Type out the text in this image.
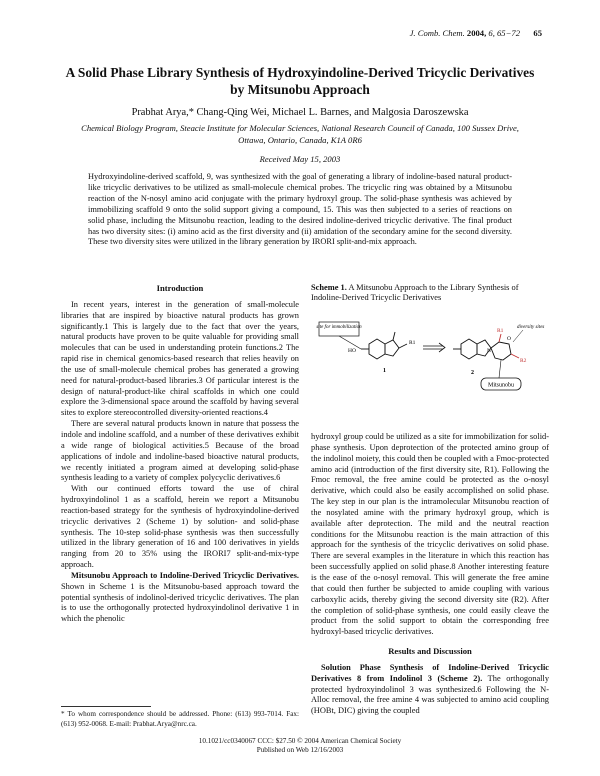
J. Comb. Chem. 2004, 6, 65−72 65
A Solid Phase Library Synthesis of Hydroxyindoline-Derived Tricyclic Derivatives by Mitsunobu Approach
Prabhat Arya,* Chang-Qing Wei, Michael L. Barnes, and Malgosia Daroszewska
Chemical Biology Program, Steacie Institute for Molecular Sciences, National Research Council of Canada, 100 Sussex Drive, Ottawa, Ontario, Canada, K1A 0R6
Received May 15, 2003
Hydroxyindoline-derived scaffold, 9, was synthesized with the goal of generating a library of indoline-based natural product-like tricyclic derivatives to be utilized as small-molecule chemical probes. The tricyclic ring was obtained by a Mitsunobu reaction of the N-nosyl amino acid conjugate with the primary hydroxyl group. The solid-phase synthesis was achieved by immobilizing scaffold 9 onto the solid support giving a compound, 15. This was then subjected to a series of reactions on solid phase, including the Mitsunobu reaction, leading to the desired indoline-derived tricyclic derivative. The final product has two diversity sites: (i) amino acid as the first diversity and (ii) amidation of the secondary amine for the second diversity. These two diversity sites were utilized in the library generation by IRORI split-and-mix approach.

Introduction

In recent years, interest in the generation of small-molecule libraries that are inspired by bioactive natural products has grown significantly.1 This is largely due to the fact that over the years, natural products have proven to be quite valuable for providing small molecules that can be used in understanding protein functions.2 The rapid rise in chemical genomics-based research that relies heavily on the use of small-molecule chemical probes has generated a growing need for natural-product-based libraries.3 Of particular interest is the design of natural-product-like chiral scaffolds in which one could explore the 3-dimensional space around the scaffold by having several sites to explore stereocontrolled diversity-oriented reactions.4

There are several natural products known in nature that possess the indole and indoline scaffold, and a number of these derivatives exhibit a wide range of biological activities.5 Because of the broad applications of indole and indoline-based bioactive natural products, we recently initiated a program aimed at developing solid-phase synthesis leading to a variety of complex polycyclic derivatives.6

With our continued efforts toward the use of chiral hydroxyindolinol 1 as a scaffold, herein we report a Mitsunobu reaction-based strategy for the synthesis of hydroxyindoline-derived tricyclic derivatives 2 (Scheme 1) by solution- and solid-phase synthesis. The 10-step solid-phase synthesis was then successfully utilized in the library generation of 16 and 100 derivatives in yields ranging from 20 to 35% using the IRORI7 split-and-mix-type approach.

Mitsunobu Approach to Indoline-Derived Tricyclic Derivatives. Shown in Scheme 1 is the Mitsunobu-based approach toward the potential synthesis of indolinol-derived tricyclic derivatives. The plan is to use the orthogonally protected hydroxyindolinol derivative 1 in which the phenolic

Scheme 1. A Mitsunobu Approach to the Library Synthesis of Indoline-Derived Tricyclic Derivatives
site for immobilization
HO
R1
1
N
O
R1
R2
diversity sites
2
Mitsunobu

hydroxyl group could be utilized as a site for immobilization for solid-phase synthesis. Upon deprotection of the protected amino group of the indolinol moiety, this could then be coupled with a Fmoc-protected amino acid (introduction of the first diversity site, R1). Following the Fmoc removal, the free amine could be protected as the o-nosyl derivative, which could also be easily accomplished on solid phase. The key step in our plan is the intramolecular Mitsunobu reaction of the nosylated amine with the primary hydroxyl group, which is available after deprotection. The mild and the neutral reaction conditions for the Mitsunobu reaction is the main attraction of this approach for the synthesis of the tricyclic derivatives on solid phase. There are several examples in the literature in which this reaction has been successfully applied on solid phase.8 Another interesting feature is the ease of the o-nosyl removal. This will generate the free amine that could then further be subjected to amide coupling with various carboxylic acids, thereby giving the second diversity site (R2). After the completion of solid-phase synthesis, one could easily cleave the product from the solid support to obtain the corresponding free hydroxyl-based tricyclic derivatives.

Results and Discussion

Solution Phase Synthesis of Indoline-Derived Tricyclic Derivatives 8 from Indolinol 3 (Scheme 2). The orthogonally protected hydroxyindolinol 3 was synthesized.6 Following the N-Alloc removal, the free amine 4 was subjected to amino acid coupling (HOBt, DIC) giving the coupled

* To whom correspondence should be addressed. Phone: (613) 993-7014. Fax: (613) 952-0068. E-mail: Prabhat.Arya@nrc.ca.
10.1021/cc0340067 CCC: $27.50 © 2004 American Chemical Society
Published on Web 12/16/2003
